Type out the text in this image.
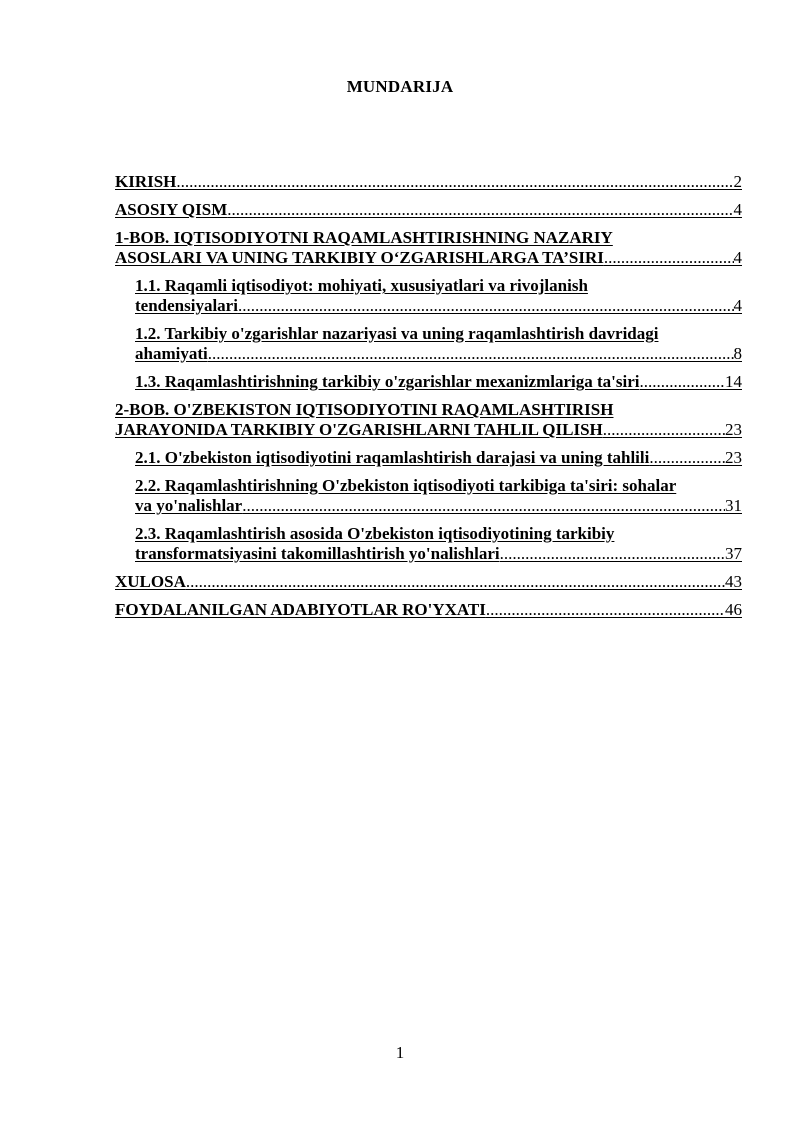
MUNDARIJA
KIRISH .....	2
ASOSIY QISM .....	4
1-BOB. IQTISODIYOTNI RAQAMLASHTIRISHNING NAZARIY
ASOSLARI VA UNING TARKIBIY O‘ZGARISHLARGA TA’SIRI .....	4
1.1. Raqamli iqtisodiyot: mohiyati, xususiyatlari va rivojlanish
tendensiyalari .....	4
1.2. Tarkibiy o'zgarishlar nazariyasi va uning raqamlashtirish davridagi
ahamiyati .....	8
1.3. Raqamlashtirishning tarkibiy o'zgarishlar mexanizmlariga ta'siri .....	14
2-BOB. O'ZBEKISTON IQTISODIYOTINI RAQAMLASHTIRISH
JARAYONIDA TARKIBIY O'ZGARISHLARNI TAHLIL QILISH .....	23
2.1. O'zbekiston iqtisodiyotini raqamlashtirish darajasi va uning tahlili .....	23
2.2. Raqamlashtirishning O'zbekiston iqtisodiyoti tarkibiga ta'siri: sohalar
va yo'nalishlar .....	31
2.3. Raqamlashtirish asosida O'zbekiston iqtisodiyotining tarkibiy
transformatsiyasini takomillashtirish yo'nalishlari .....	37
XULOSA .....	43
FOYDALANILGAN ADABIYOTLAR RO'YXATI .....	46
1
